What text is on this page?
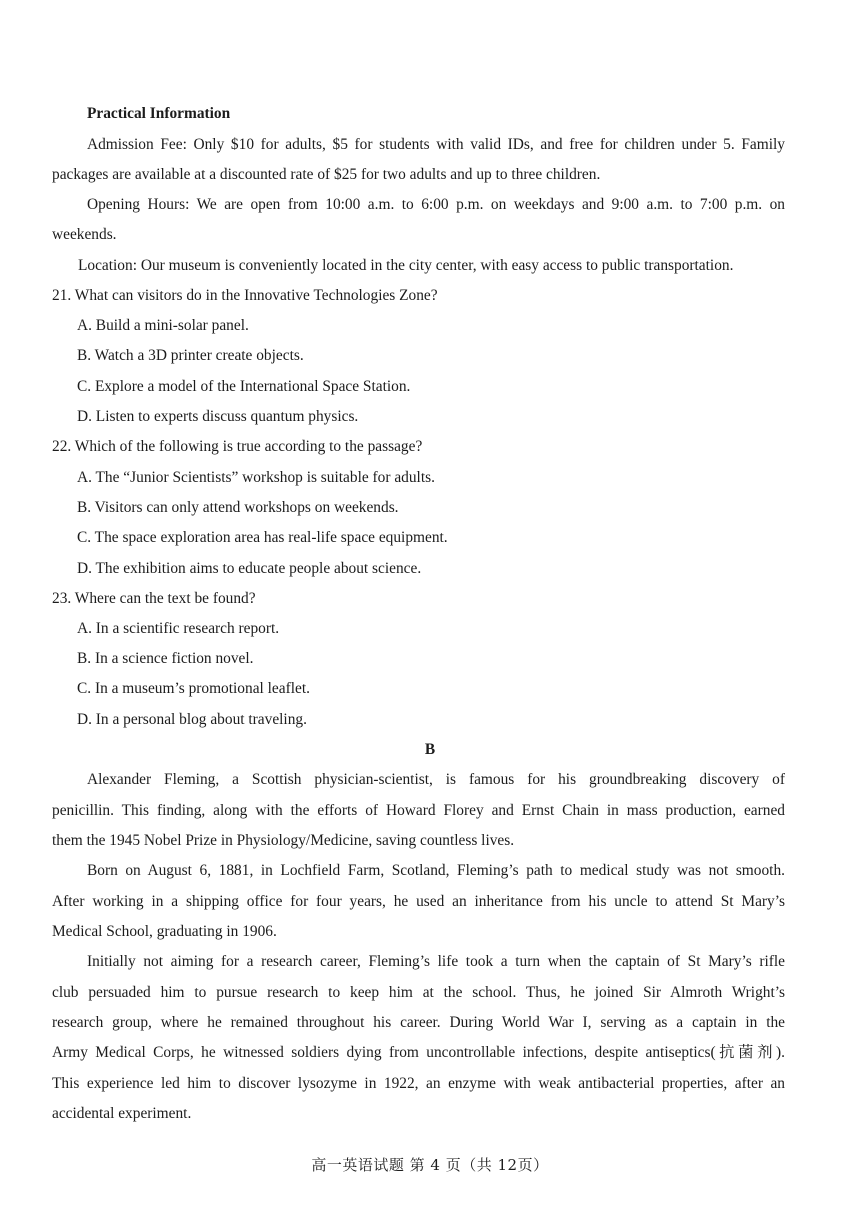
Practical Information
Admission Fee: Only $10 for adults, $5 for students with valid IDs, and free for children under 5. Family
packages are available at a discounted rate of $25 for two adults and up to three children.
Opening Hours: We are open from 10:00 a.m. to 6:00 p.m. on weekdays and 9:00 a.m. to 7:00 p.m. on
weekends.
Location: Our museum is conveniently located in the city center, with easy access to public transportation.
21. What can visitors do in the Innovative Technologies Zone?
A. Build a mini-solar panel.
B. Watch a 3D printer create objects.
C. Explore a model of the International Space Station.
D. Listen to experts discuss quantum physics.
22. Which of the following is true according to the passage?
A. The “Junior Scientists” workshop is suitable for adults.
B. Visitors can only attend workshops on weekends.
C. The space exploration area has real-life space equipment.
D. The exhibition aims to educate people about science.
23. Where can the text be found?
A. In a scientific research report.
B. In a science fiction novel.
C. In a museum’s promotional leaflet.
D. In a personal blog about traveling.
B
Alexander Fleming, a Scottish physician-scientist, is famous for his groundbreaking discovery of
penicillin. This finding, along with the efforts of Howard Florey and Ernst Chain in mass production, earned
them the 1945 Nobel Prize in Physiology/Medicine, saving countless lives.
Born on August 6, 1881, in Lochfield Farm, Scotland, Fleming’s path to medical study was not smooth.
After working in a shipping office for four years, he used an inheritance from his uncle to attend St Mary’s
Medical School, graduating in 1906.
Initially not aiming for a research career, Fleming’s life took a turn when the captain of St Mary’s rifle
club persuaded him to pursue research to keep him at the school. Thus, he joined Sir Almroth Wright’s
research group, where he remained throughout his career. During World War I, serving as a captain in the
Army Medical Corps, he witnessed soldiers dying from uncontrollable infections, despite antiseptics(抗菌剂).
This experience led him to discover lysozyme in 1922, an enzyme with weak antibacterial properties, after an
accidental experiment.
高一英语试题 第 4 页（共 12页）
